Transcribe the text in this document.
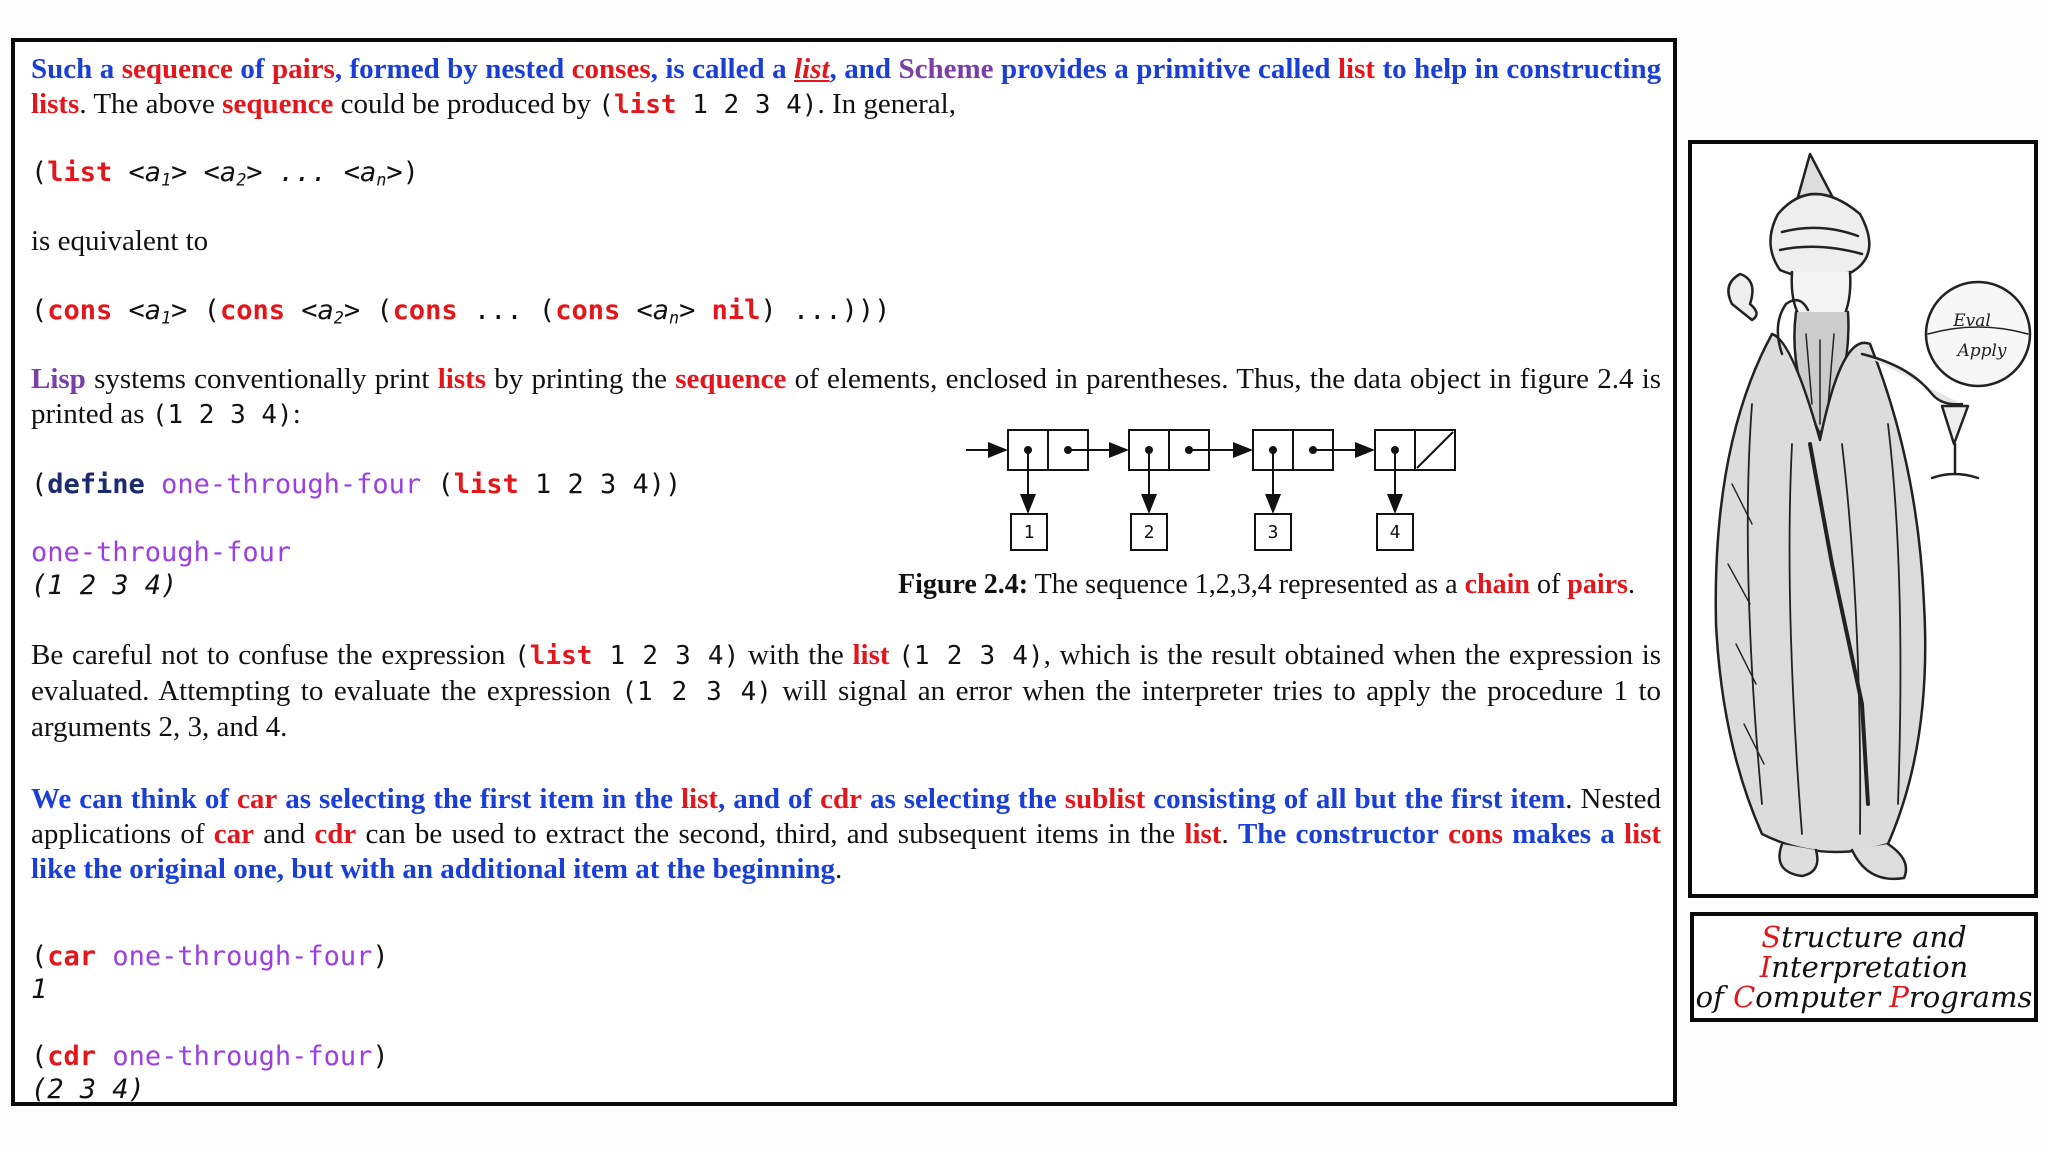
Such a sequence of pairs, formed by nested conses, is called a list, and Scheme provides a primitive called list to help in constructing lists. The above sequence could be produced by (list 1 2 3 4). In general,

(list $<a_1> <a_2>$ ... $<a_n>$)

is equivalent to

(cons $<a_1>$ (cons $<a_2>$ (cons ... (cons $<a_n> nil$) ...)))

Lisp systems conventionally print lists by printing the sequence of elements, enclosed in parentheses. Thus, the data object in figure 2.4 is printed as (1 2 3 4):

(define one-through-four (list 1 2 3 4))
one-through-four
(1 2 3 4)

Be careful not to confuse the expression (list 1 2 3 4) with the list (1 2 3 4), which is the result obtained when the expression is evaluated. Attempting to evaluate the expression (1 2 3 4) will signal an error when the interpreter tries to apply the procedure 1 to arguments 2, 3, and 4.

We can think of car as selecting the first item in the list, and of cdr as selecting the sublist consisting of all but the first item. Nested applications of car and cdr can be used to extract the second, third, and subsequent items in the list. The constructor cons makes a list like the original one, but with an additional item at the beginning.

(car one-through-four)
1
(cdr one-through-four)
(2 3 4)
1	2	3	4
Figure 2.4: The sequence 1,2,3,4 represented as a chain of pairs.
Eval
Apply
Structure and
Interpretation
of Computer Programs
